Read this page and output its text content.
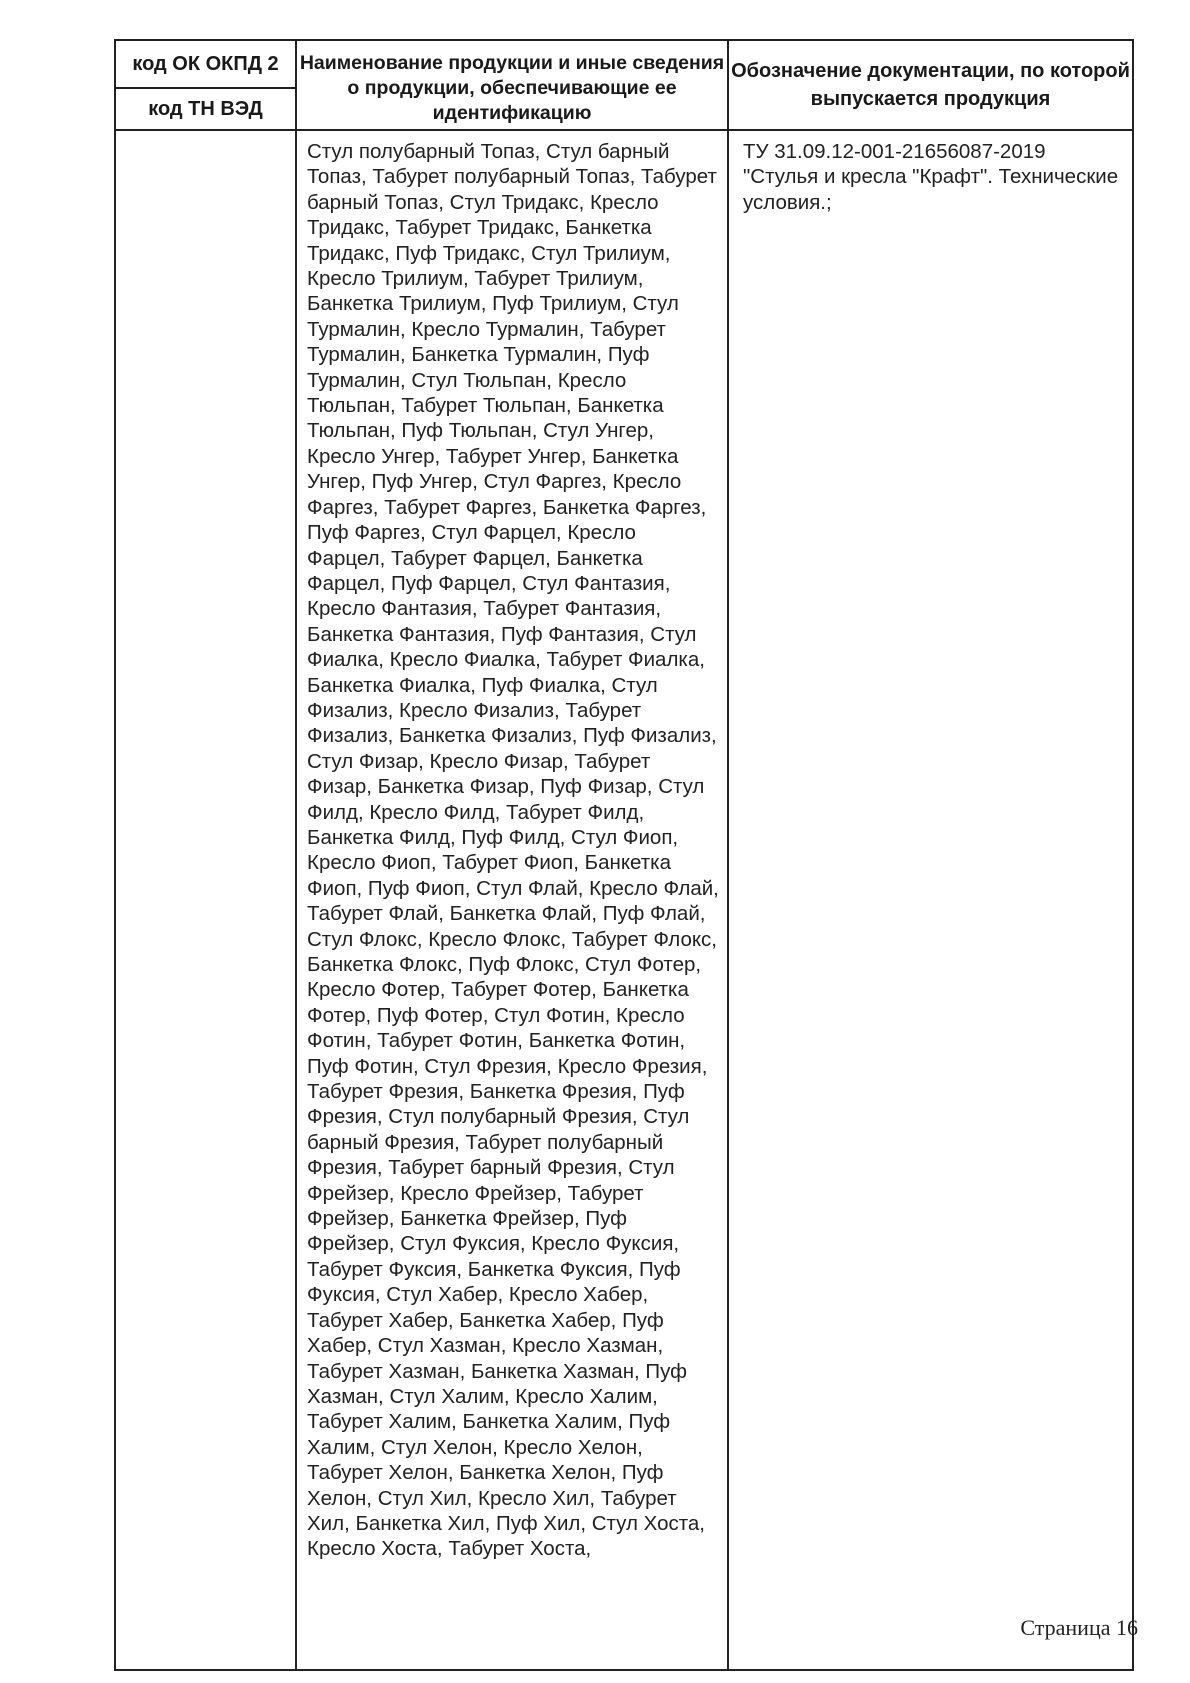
код ОК ОКПД 2	Наименование продукции и иные сведения о продукции, обеспечивающие ее идентификацию	Обозначение документации, по которой выпускается продукция
код ТН ВЭД		
	Стул полубарный Топаз, Стул барный Топаз, Табурет полубарный Топаз, Табурет барный Топаз, Стул Тридакс, Кресло Тридакс, Табурет Тридакс, Банкетка Тридакс, Пуф Тридакс, Стул Трилиум, Кресло Трилиум, Табурет Трилиум, Банкетка Трилиум, Пуф Трилиум, Стул Турмалин, Кресло Турмалин, Табурет Турмалин, Банкетка Турмалин, Пуф Турмалин, Стул Тюльпан, Кресло Тюльпан, Табурет Тюльпан, Банкетка Тюльпан, Пуф Тюльпан, Стул Унгер, Кресло Унгер, Табурет Унгер, Банкетка Унгер, Пуф Унгер, Стул Фаргез, Кресло Фаргез, Табурет Фаргез, Банкетка Фаргез, Пуф Фаргез, Стул Фарцел, Кресло Фарцел, Табурет Фарцел, Банкетка Фарцел, Пуф Фарцел, Стул Фантазия, Кресло Фантазия, Табурет Фантазия, Банкетка Фантазия, Пуф Фантазия, Стул Фиалка, Кресло Фиалка, Табурет Фиалка, Банкетка Фиалка, Пуф Фиалка, Стул Физализ, Кресло Физализ, Табурет Физализ, Банкетка Физализ, Пуф Физализ, Стул Физар, Кресло Физар, Табурет Физар, Банкетка Физар, Пуф Физар, Стул Филд, Кресло Филд, Табурет Филд, Банкетка Филд, Пуф Филд, Стул Фиоп, Кресло Фиоп, Табурет Фиоп, Банкетка Фиоп, Пуф Фиоп, Стул Флай, Кресло Флай, Табурет Флай, Банкетка Флай, Пуф Флай, Стул Флокс, Кресло Флокс, Табурет Флокс, Банкетка Флокс, Пуф Флокс, Стул Фотер, Кресло Фотер, Табурет Фотер, Банкетка Фотер, Пуф Фотер, Стул Фотин, Кресло Фотин, Табурет Фотин, Банкетка Фотин, Пуф Фотин, Стул Фрезия, Кресло Фрезия, Табурет Фрезия, Банкетка Фрезия, Пуф Фрезия, Стул полубарный Фрезия, Стул барный Фрезия, Табурет полубарный Фрезия, Табурет барный Фрезия, Стул Фрейзер, Кресло Фрейзер, Табурет Фрейзер, Банкетка Фрейзер, Пуф Фрейзер, Стул Фуксия, Кресло Фуксия, Табурет Фуксия, Банкетка Фуксия, Пуф Фуксия, Стул Хабер, Кресло Хабер, Табурет Хабер, Банкетка Хабер, Пуф Хабер, Стул Хазман, Кресло Хазман, Табурет Хазман, Банкетка Хазман, Пуф Хазман, Стул Халим, Кресло Халим, Табурет Халим, Банкетка Халим, Пуф Халим, Стул Хелон, Кресло Хелон, Табурет Хелон, Банкетка Хелон, Пуф Хелон, Стул Хил, Кресло Хил, Табурет Хил, Банкетка Хил, Пуф Хил, Стул Хоста, Кресло Хоста, Табурет Хоста,	ТУ 31.09.12-001-21656087-2019 "Стулья и кресла "Крафт". Технические условия.;
Страница 16
